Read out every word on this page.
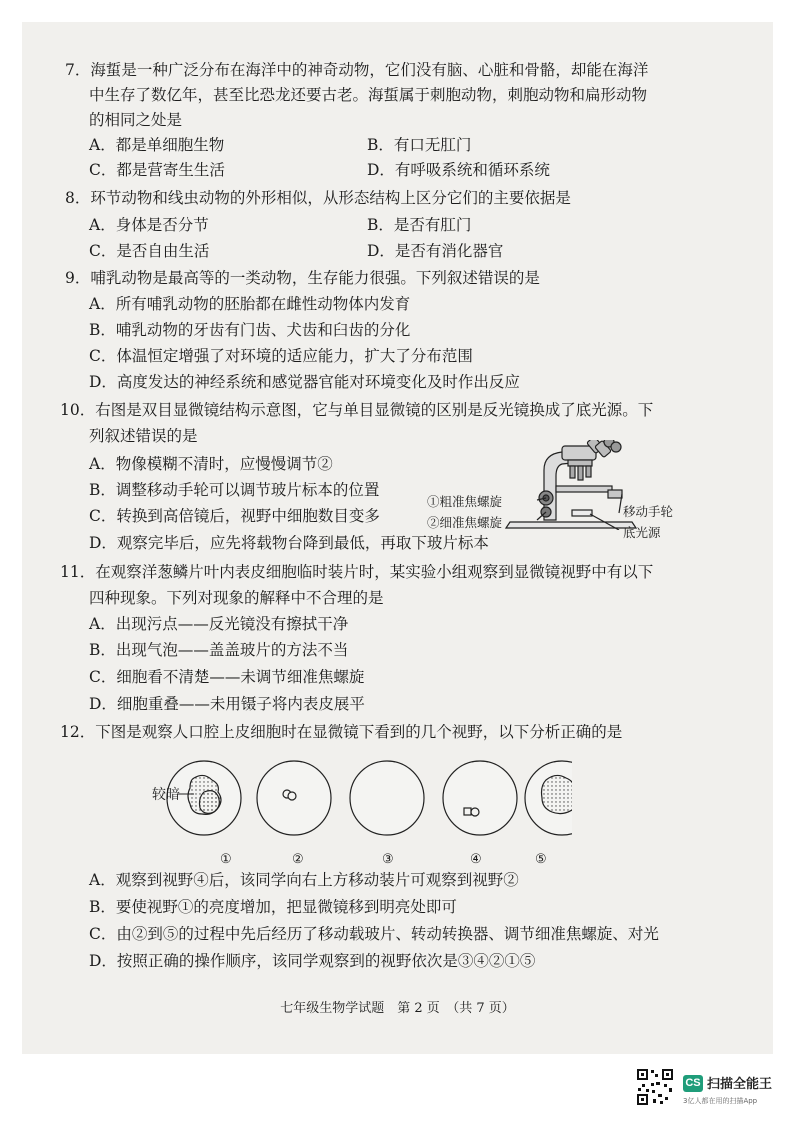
7．海蜇是一种广泛分布在海洋中的神奇动物，它们没有脑、心脏和骨骼，却能在海洋
中生存了数亿年，甚至比恐龙还要古老。海蜇属于刺胞动物，刺胞动物和扁形动物
的相同之处是
A．都是单细胞生物	B．有口无肛门
C．都是营寄生生活	D．有呼吸系统和循环系统
8．环节动物和线虫动物的外形相似，从形态结构上区分它们的主要依据是
A．身体是否分节	B．是否有肛门
C．是否自由生活	D．是否有消化器官
9．哺乳动物是最高等的一类动物，生存能力很强。下列叙述错误的是
A．所有哺乳动物的胚胎都在雌性动物体内发育
B．哺乳动物的牙齿有门齿、犬齿和臼齿的分化
C．体温恒定增强了对环境的适应能力，扩大了分布范围
D．高度发达的神经系统和感觉器官能对环境变化及时作出反应
10．右图是双目显微镜结构示意图，它与单目显微镜的区别是反光镜换成了底光源。下
列叙述错误的是
A．物像模糊不清时，应慢慢调节②
B．调整移动手轮可以调节玻片标本的位置
C．转换到高倍镜后，视野中细胞数目变多
D．观察完毕后，应先将载物台降到最低，再取下玻片标本
①粗准焦螺旋
②细准焦螺旋
移动手轮
底光源
11．在观察洋葱鳞片叶内表皮细胞临时装片时，某实验小组观察到显微镜视野中有以下
四种现象。下列对现象的解释中不合理的是
A．出现污点——反光镜没有擦拭干净
B．出现气泡——盖盖玻片的方法不当
C．细胞看不清楚——未调节细准焦螺旋
D．细胞重叠——未用镊子将内表皮展平
12．下图是观察人口腔上皮细胞时在显微镜下看到的几个视野，以下分析正确的是
较暗
①	②	③	④	⑤
A．观察到视野④后，该同学向右上方移动装片可观察到视野②
B．要使视野①的亮度增加，把显微镜移到明亮处即可
C．由②到⑤的过程中先后经历了移动载玻片、转动转换器、调节细准焦螺旋、对光
D．按照正确的操作顺序，该同学观察到的视野依次是③④②①⑤
七年级生物学试题　第 2 页　（共 7 页）
CS 扫描全能王
3亿人都在用的扫描App
